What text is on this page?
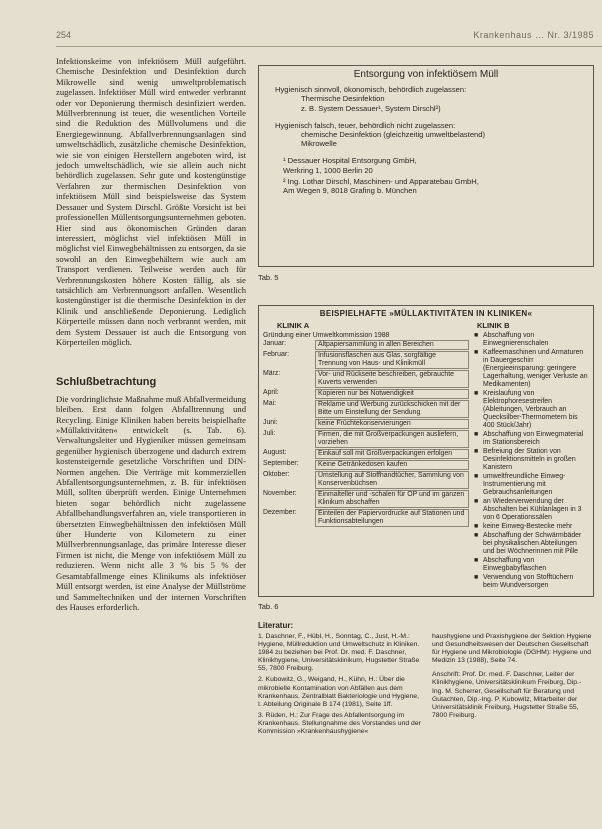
254	Krankenhaus … Nr. 3/1985

Infektionskeime von infektiösem Müll aufgeführt. Chemische Desinfektion und Desinfektion durch Mikrowelle sind wenig umweltproblematisch zugelassen. Infektiöser Müll wird entweder verbrannt oder vor Deponierung thermisch desinfiziert werden. Müllverbrennung ist teuer, die wesentlichen Vorteile sind die Reduktion des Müllvolumens und die Energiegewinnung. Abfallverbrennungsanlagen sind umweltschädlich, zusätzliche chemische Desinfektion, wie sie von einigen Herstellern angeboten wird, ist jedoch umweltschädlich, wie sie allein auch nicht behördlich zugelassen. Sehr gute und kostengünstige Verfahren zur thermischen Desinfektion von infektiösem Müll sind beispielsweise das System Dessauer und System Dirschl. Größte Vorsicht ist bei professionellen Müllentsorgungsunternehmen geboten. Hier sind aus ökonomischen Gründen daran interessiert, möglichst viel infektiösen Müll in möglichst viel Einwegbehältnissen zu entsorgen, da sie sowohl an den Einwegbehältern wie auch am Transport verdienen. Teilweise werden auch für Verbrennungskosten höhere Kosten fällig, als sie tatsächlich am Verbrennungsort anfallen. Wesentlich kostengünstiger ist die thermische Desinfektion in der Klinik und anschließende Deponierung. Lediglich Körperteile müssen dann noch verbrannt werden, mit dem System Dessauer ist auch die Entsorgung von Körperteilen möglich.

Schlußbetrachtung

Die vordringlichste Maßnahme muß Abfallvermeidung bleiben. Erst dann folgen Abfalltrennung und Recycling. Einige Kliniken haben bereits beispielhafte »Müllaktivitäten« entwickelt (s. Tab. 6). Verwaltungsleiter und Hygieniker müssen gemeinsam gegenüber hygienisch überzogene und dadurch extrem kostensteigernde gesetzliche Vorschriften und DIN-Normen angehen. Die Verträge mit kommerziellen Abfallentsorgungsunternehmen, z. B. für infektiösen Müll, sollten überprüft werden. Einige Unternehmen bieten sogar behördlich nicht zugelassene Abfallbehandlungsverfahren an, viele transportieren in übersetzten Einwegbehältnissen den infektiösen Müll über Hunderte von Kilometern zu einer Müllverbrennungsanlage, das primäre Interesse dieser Firmen ist nicht, die Menge von infektiösem Müll zu reduzieren. Wenn nicht alle 3 % bis 5 % der Gesamtabfallmenge eines Klinikums als infektiöser Müll entsorgt werden, ist eine Analyse der Müllströme und Sammeltechniken und der internen Vorschriften des Hauses erforderlich.

Entsorgung von infektiösem Müll
Hygienisch sinnvoll, ökonomisch, behördlich zugelassen:
Thermische Desinfektion
z. B. System Dessauer¹, System Dirschl²)
Hygienisch falsch, teuer, behördlich nicht zugelassen:
chemische Desinfektion (gleichzeitig umweltbelastend)
Mikrowelle
¹ Dessauer Hospital Entsorgung GmbH,
Werkring 1, 1000 Berlin 20
² Ing. Lothar Dirschl, Maschinen- und Apparatebau GmbH,
Am Wegen 9, 8018 Grafing b. München
Tab. 5
BEISPIELHAFTE »MÜLLAKTIVITÄTEN IN KLINIKEN«
KLINIK A	KLINIK B
Gründung einer Umweltkommission 1988
Januar:	Altpapiersammlung in allen Bereichen
Februar:	Infusionsflaschen aus Glas, sorgfältige Trennung von Haus- und Klinikmüll
März:	Vor- und Rückseite beschreiben, gebrauchte Kuverts verwenden
April:	Kopieren nur bei Notwendigkeit
Mai:	Reklame und Werbung zurückschicken mit der Bitte um Einstellung der Sendung
Juni:	keine Früchtekonservierungen
Juli:	Firmen, die mit Großverpackungen ausliefern, vorziehen
August:	Einkauf soll mit Großverpackungen erfolgen
September:	Keine Getränkedosen kaufen
Oktober:	Umstellung auf Stoffhandtücher, Sammlung von Konservenbüchsen
November:	Einmalteller und -schalen für OP und im ganzen Klinikum abschaffen
Dezember:	Einteilen der Papiervordrucke auf Stationen und Funktionsabteilungen
■ Abschaffung von Einwegnierenschalen
■ Kaffeemaschinen und Armaturen in Dauergeschirr (Energieeinsparung: geringere Lagerhaltung, weniger Verluste an Medikamenten)
■ Kreislaufung von Elektrophoresestreifen (Ableitungen, Verbrauch an Quecksilber-Thermometern bis 400 Stück/Jahr)
■ Abschaffung von Einwegmaterial im Stationsbereich
■ Befreiung der Station von Desinfektionsmitteln in großen Kanistern
■ umweltfreundliche Einweg-Instrumentierung mit Gebrauchsanleitungen
■ an Wiederverwendung der Abschalten bei Kühlanlagen in 3 von 6 Operationssälen
■ keine Einweg-Bestecke mehr
■ Abschaffung der Schwärmbäder bei physikalischen Abteilungen und bei Wöchnerinnen mit Pille
■ Abschaffung von Einwegbabyflaschen
■ Verwendung von Stofftüchern beim Wundversorgen
Tab. 6
Literatur:
1. Daschner, F., Hübl, H., Sonntag, C., Just, H.-M.: Hygiene, Müllreduktion und Umweltschutz in Kliniken. 1984 zu beziehen bei Prof. Dr. med. F. Daschner, Klinikhygiene, Universitätsklinikum, Hugstetter Straße 55, 7800 Freiburg.
2. Kubowitz, G., Weigand, H., Kühn, H.: Über die mikrobielle Kontamination von Abfällen aus dem Krankenhaus. Zentralblatt Bakteriologie und Hygiene, I. Abteilung Originale B 174 (1981), Seite 1ff.
3. Rüden, H.: Zur Frage des Abfallentsorgung im Krankenhaus. Stellungnahme des Vorstandes und der Kommission »Krankenhaushygiene«

haushygiene und Praxishygiene der Sektion Hygiene und Gesundheitswesen der Deutschen Gesellschaft für Hygiene und Mikrobiologie (DGHM): Hygiene und Medizin 13 (1988), Seite 74.

Anschrift: Prof. Dr. med. F. Daschner, Leiter der Klinikhygiene, Universitätsklinikum Freiburg, Dip.-Ing. M. Scherrer, Gesellschaft für Beratung und Gutachten, Dip.-Ing. P. Kubowitz, Mitarbeiter der Universitätsklinik Freiburg, Hugstetter Straße 55, 7800 Freiburg.
